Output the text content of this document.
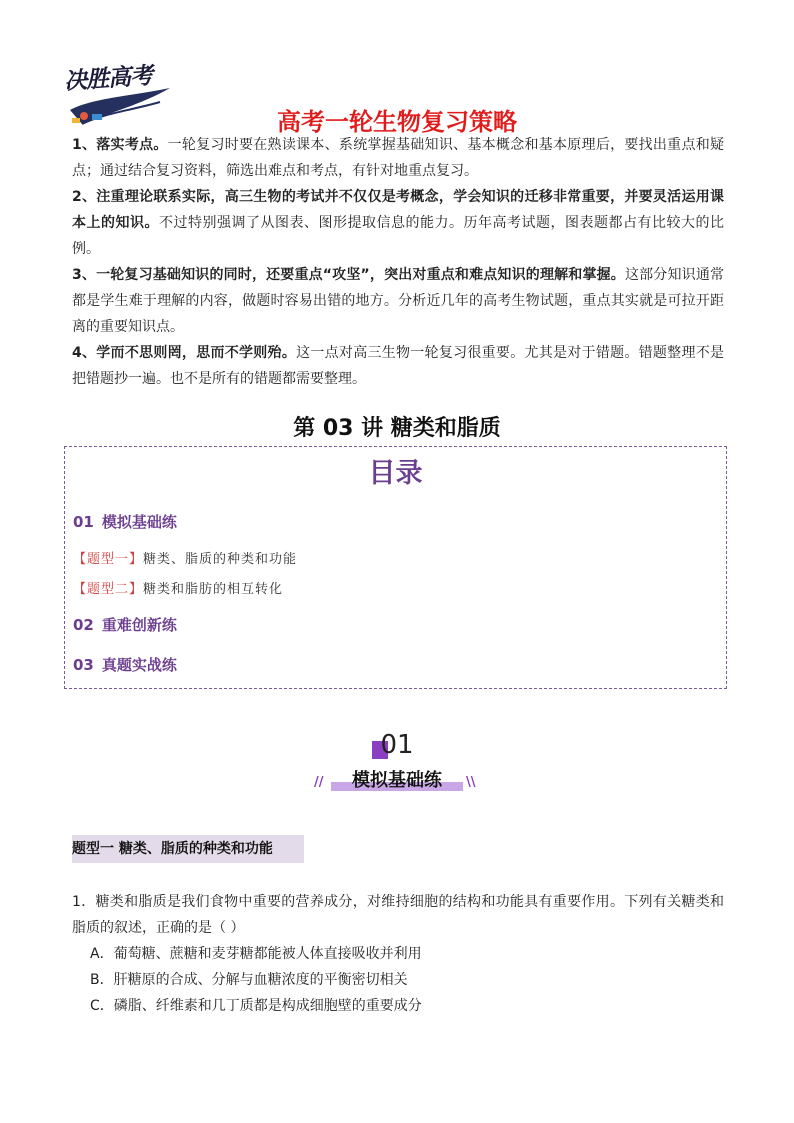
决胜高考
高考一轮生物复习策略

1、落实考点。一轮复习时要在熟读课本、系统掌握基础知识、基本概念和基本原理后，要找出重点和疑点；通过结合复习资料，筛选出难点和考点，有针对地重点复习。

2、注重理论联系实际，高三生物的考试并不仅仅是考概念，学会知识的迁移非常重要，并要灵活运用课本上的知识。不过特别强调了从图表、图形提取信息的能力。历年高考试题，图表题都占有比较大的比例。

3、一轮复习基础知识的同时，还要重点“攻坚”，突出对重点和难点知识的理解和掌握。这部分知识通常都是学生难于理解的内容，做题时容易出错的地方。分析近几年的高考生物试题，重点其实就是可拉开距离的重要知识点。

4、学而不思则罔，思而不学则殆。这一点对高三生物一轮复习很重要。尤其是对于错题。错题整理不是把错题抄一遍。也不是所有的错题都需要整理。

第 03 讲 糖类和脂质
目录
01 模拟基础练
【题型一】糖类、脂质的种类和功能
【题型二】糖类和脂肪的相互转化
02 重难创新练
03 真题实战练
01
模拟基础练
//	\\
题型一 糖类、脂质的种类和功能

1．糖类和脂质是我们食物中重要的营养成分，对维持细胞的结构和功能具有重要作用。下列有关糖类和脂质的叙述，正确的是（ ）

A．葡萄糖、蔗糖和麦芽糖都能被人体直接吸收并利用

B．肝糖原的合成、分解与血糖浓度的平衡密切相关

C．磷脂、纤维素和几丁质都是构成细胞壁的重要成分
